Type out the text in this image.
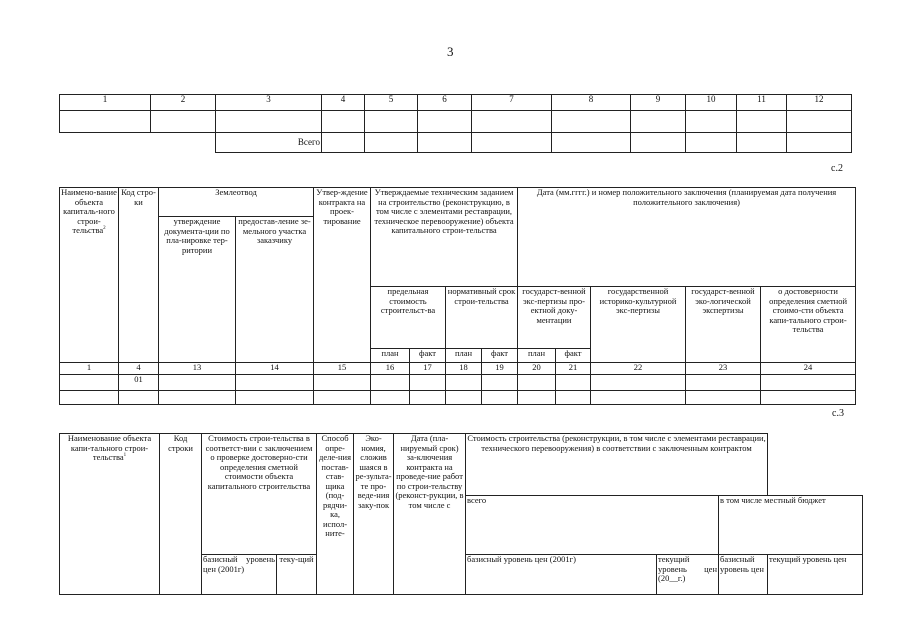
3
1	2	3	4	5	6	7	8	9	10	11	12

		Всего									
с.2
Наимено-вание объекта капиталь-ного строи-тельства$^2$	Код стро-ки	Землеотвод		Утвер-ждение контракта на проек-тирование	Утверждаемые техническим заданием на строительство (реконструкцию, в том числе с элементами реставрации, техническое перевооружение) объекта капитального строи-тельства				Дата (мм.гггг.) и номер положительного заключения (планируемая дата получения положительного заключения)				
		утверждение документа-ции по пла-нировке тер-ритории	предостав-ление зе-мельного участка заказчику										
					предельная стоимость строительст-ва		нормативный срок строи-тельства		государст-венной экс-пертизы про-ектной доку-ментации		государственной историко-культурной экс-пертизы	государст-венной эко-логической экспертизы	о достоверности определения сметной стоимо-сти объекта капи-тального строи-тельства
					план	факт	план	факт	план	факт			
1	4	13	14	15	16	17	18	19	20	21	22	23	24
	01												

с.3
Наименование объекта капи-тального строи-тельства$^1$	Код строки	Стоимость строи-тельства в соответст-вии с заключением о проверке достоверно-сти определения сметной стоимости объекта капитального строительства		Способ опре-деле-ния постав-став-щика (под-рядчи-ка, испол-ните-	Эко-номия, сложив шаяся в ре-зульта-те про-веде-ния заку-пок	Дата (пла-нируемый срок) за-ключения контракта на проведе-ние работ по строи-тельству (реконст-рукции, в том числе с	Стоимость строительства (реконструкции, в том числе с элементами реставрации, технического перевооружения) в соответствии с заключенным контрактом			
							всего		в том числе местный бюджет	
		базисный уровень цен (2001г)	теку-щий				базисный уровень цен (2001г)	текущий уровень цен (20__г.)	базисный уровень цен	текущий уровень цен
